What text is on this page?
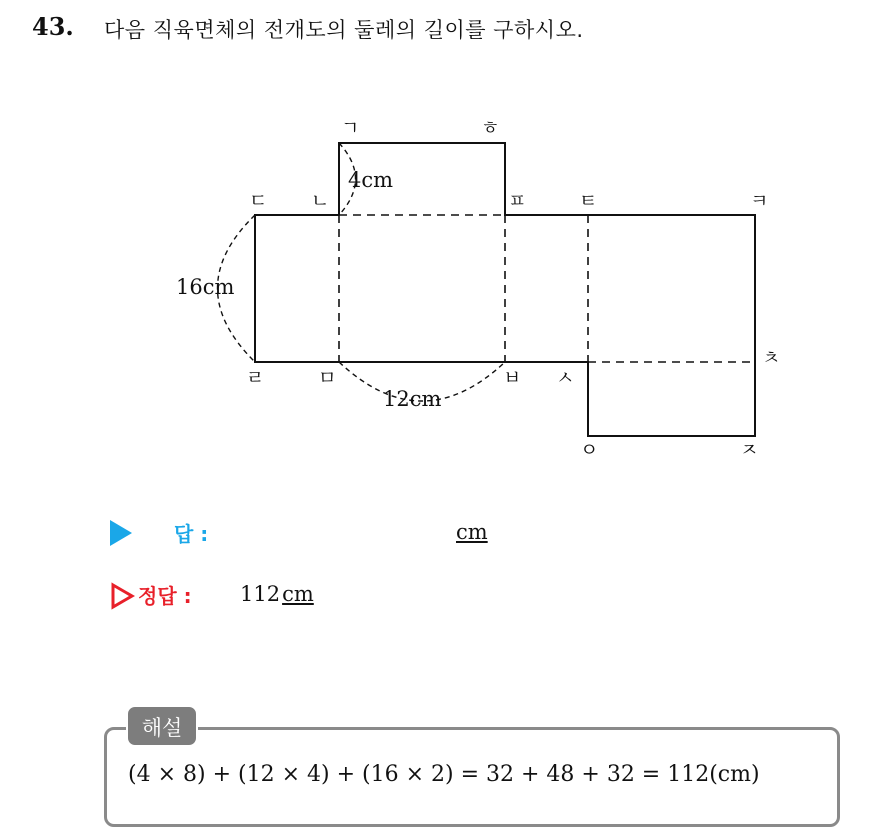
43. 다음 직육면체의 전개도의 둘레의 길이를 구하시오.
ㄱ	ㅎ
ㄷ ㄴ	ㅍ	ㅌ	ㅋ
ㄹ	ㅁ	ㅂ ㅅ
ㅊ
ㅇ	ㅈ
4cm
16cm
12cm
답 :	cm
정답 : 112cm
해설
(4 × 8) + (12 × 4) + (16 × 2) = 32 + 48 + 32 = 112(cm)
